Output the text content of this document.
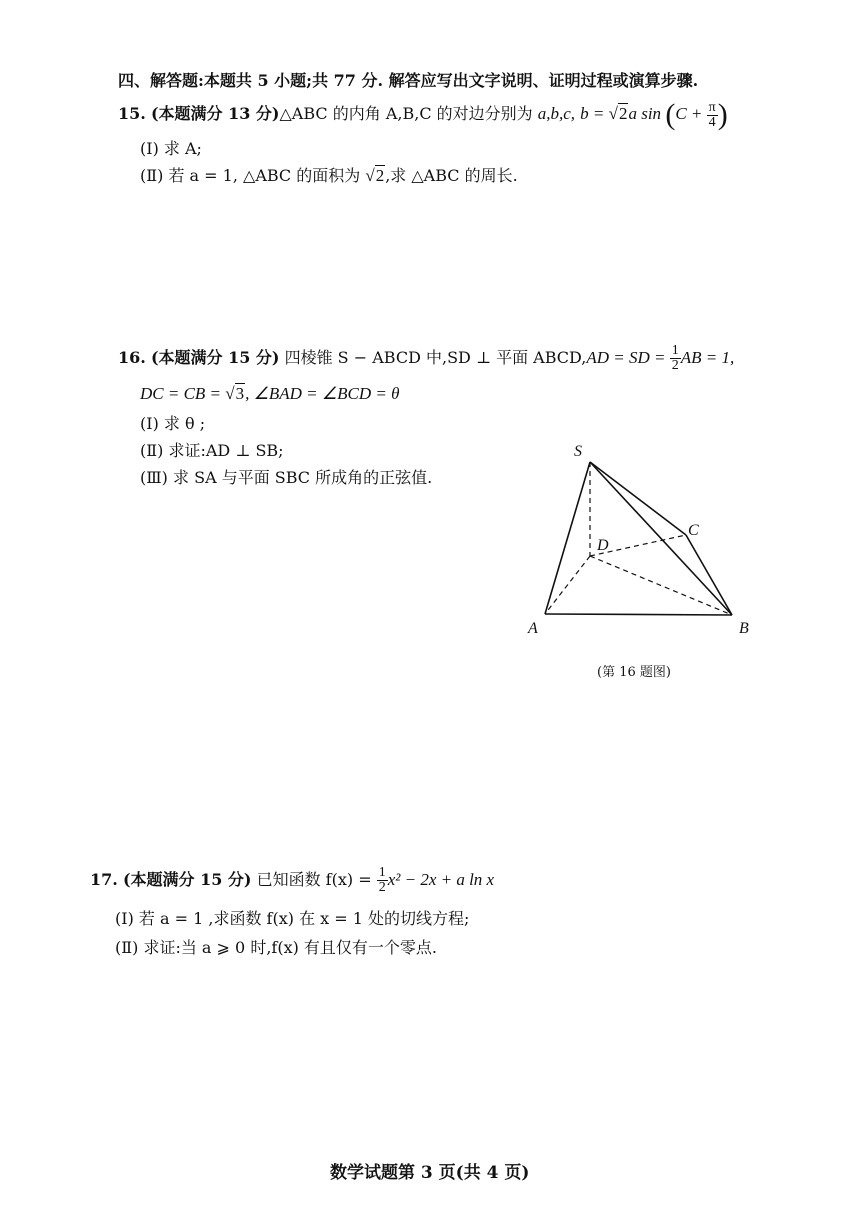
四、解答题:本题共 5 小题;共 77 分. 解答应写出文字说明、证明过程或演算步骤.
15. (本题满分 13 分)△ABC 的内角 A,B,C 的对边分别为 a,b,c, b = √2a $\sin (C + \frac{\pi}{4}$ )
(Ⅰ) 求 A;
(Ⅱ) 若 a = 1, △ABC 的面积为 √2,求 △ABC 的周长.
16. (本题满分 15 分) 四棱锥 S − ABCD 中,SD ⊥ 平面 ABCD,AD = SD = $\frac{1}{2}$ AB = 1,
DC = CB = √3, ∠BAD = ∠BCD = θ
(Ⅰ) 求 θ ;
(Ⅱ) 求证:AD ⊥ SB;
(Ⅲ) 求 SA 与平面 SBC 所成角的正弦值.
S
D
C
A	B
(第 16 题图)
17. (本题满分 15 分) 已知函数 $f(x) = \frac{1}{2} x^2 - 2x + a$ ln x
(Ⅰ) 若 a = 1 ,求函数 f(x) 在 x = 1 处的切线方程;
(Ⅱ) 求证:当 a ⩾ 0 时,f(x) 有且仅有一个零点.
数学试题第 3 页(共 4 页)
